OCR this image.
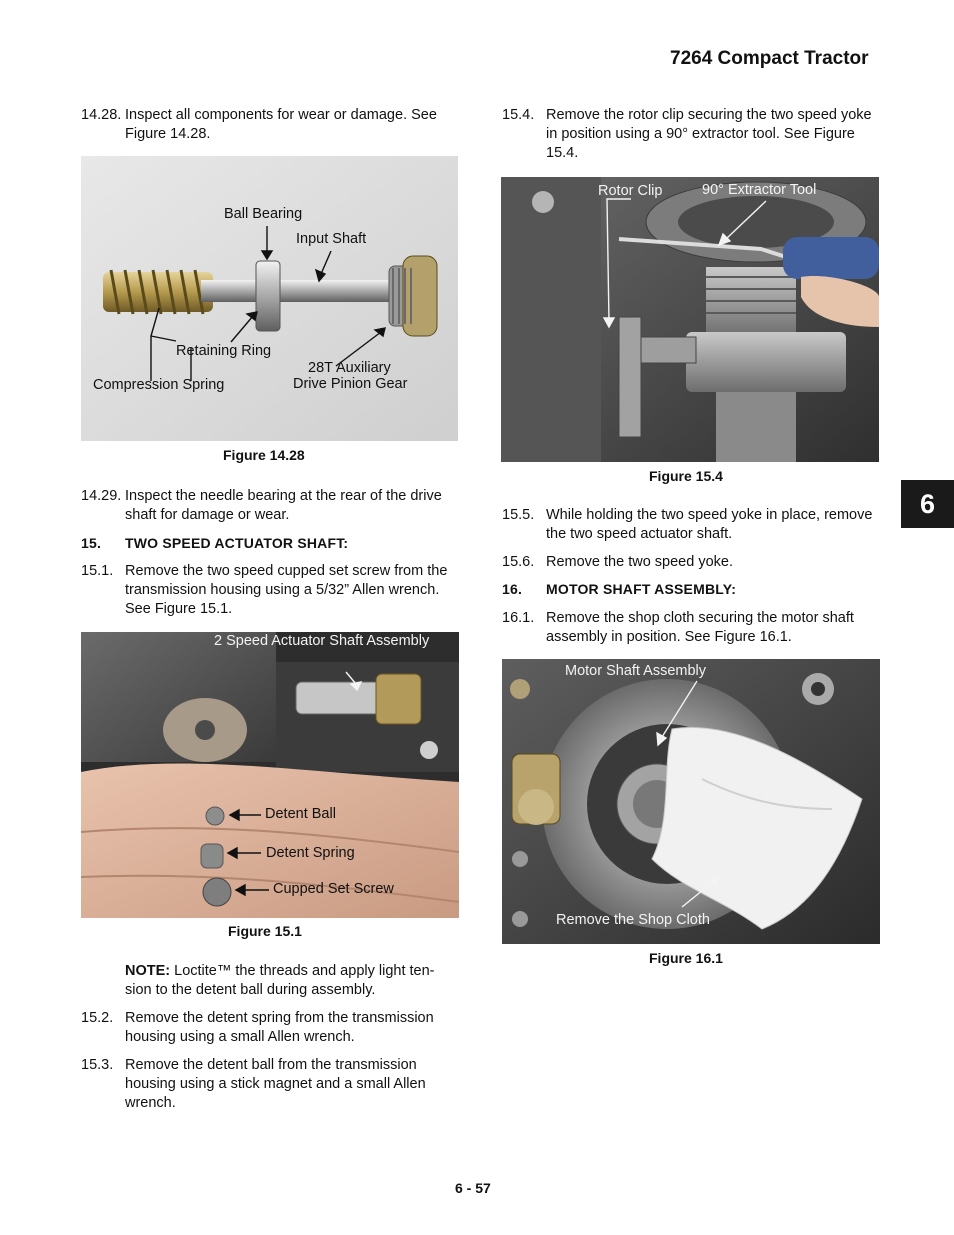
7264 Compact Tractor
14.28. Inspect all components for wear or damage. See Figure 14.28.
Ball Bearing
Input Shaft
Retaining Ring
Compression Spring
28T Auxiliary
Drive Pinion Gear
Figure 14.28
14.29. Inspect the needle bearing at the rear of the drive shaft for damage or wear.
15. TWO SPEED ACTUATOR SHAFT:
15.1. Remove the two speed cupped set screw from the transmission housing using a 5/32” Allen wrench. See Figure 15.1.
2 Speed Actuator Shaft Assembly
Detent Ball
Detent Spring
Cupped Set Screw
Figure 15.1
NOTE: Loctite™ the threads and apply light ten-sion to the detent ball during assembly.
15.2. Remove the detent spring from the transmission housing using a small Allen wrench.
15.3. Remove the detent ball from the transmission housing using a stick magnet and a small Allen wrench.
15.4. Remove the rotor clip securing the two speed yoke in position using a 90° extractor tool. See Figure 15.4.
Rotor Clip	90° Extractor Tool
Figure 15.4
15.5. While holding the two speed yoke in place, remove the two speed actuator shaft.
15.6. Remove the two speed yoke.
16. MOTOR SHAFT ASSEMBLY:
16.1. Remove the shop cloth securing the motor shaft assembly in position. See Figure 16.1.
Motor Shaft Assembly
Remove the Shop Cloth
Figure 16.1
6
6 - 57
